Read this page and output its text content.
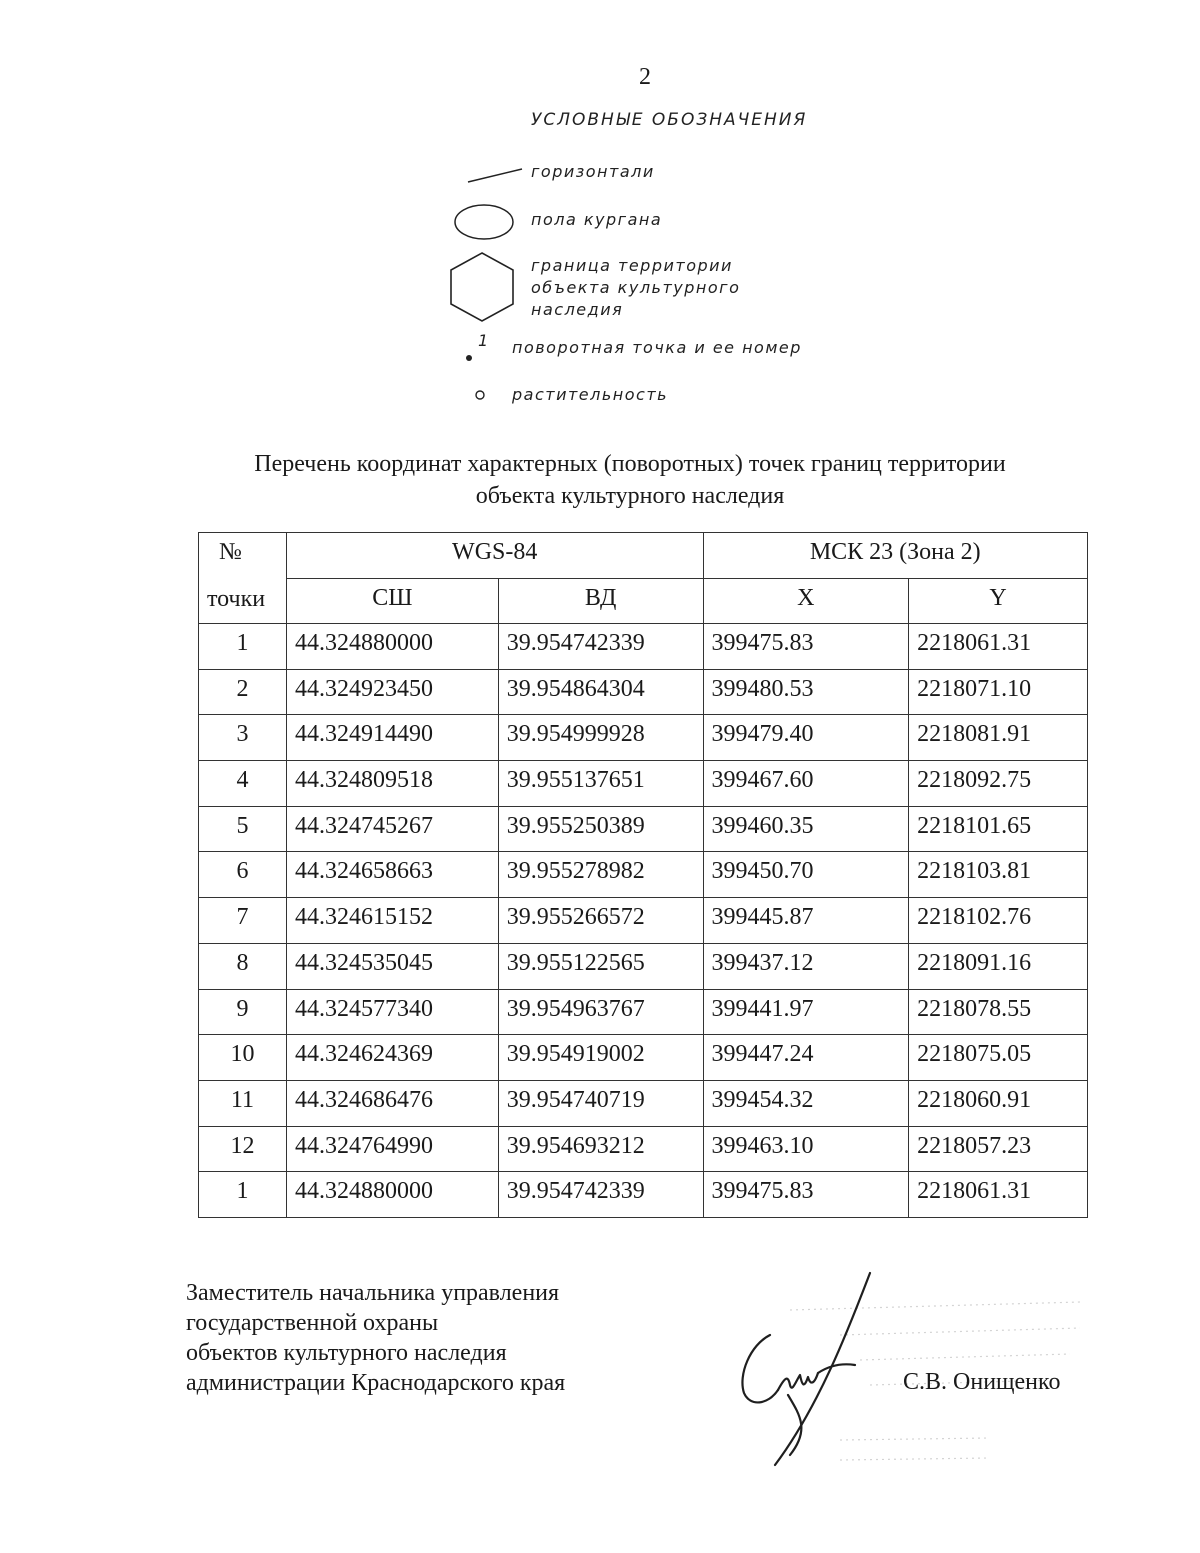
2
УСЛОВНЫЕ ОБОЗНАЧЕНИЯ
горизонтали
пола кургана
граница территории
объекта культурного
наследия
1 поворотная точка и ее номер
растительность
Перечень координат характерных (поворотных) точек границ территории
объекта культурного наследия
№
точки	WGS-84		МСК 23 (Зона 2)	
	СШ	ВД	X	Y
1	44.324880000	39.954742339	399475.83	2218061.31
2	44.324923450	39.954864304	399480.53	2218071.10
3	44.324914490	39.954999928	399479.40	2218081.91
4	44.324809518	39.955137651	399467.60	2218092.75
5	44.324745267	39.955250389	399460.35	2218101.65
6	44.324658663	39.955278982	399450.70	2218103.81
7	44.324615152	39.955266572	399445.87	2218102.76
8	44.324535045	39.955122565	399437.12	2218091.16
9	44.324577340	39.954963767	399441.97	2218078.55
10	44.324624369	39.954919002	399447.24	2218075.05
11	44.324686476	39.954740719	399454.32	2218060.91
12	44.324764990	39.954693212	399463.10	2218057.23
1	44.324880000	39.954742339	399475.83	2218061.31
Заместитель начальника управления
государственной охраны
объектов культурного наследия
администрации Краснодарского края	С.В. Онищенко
